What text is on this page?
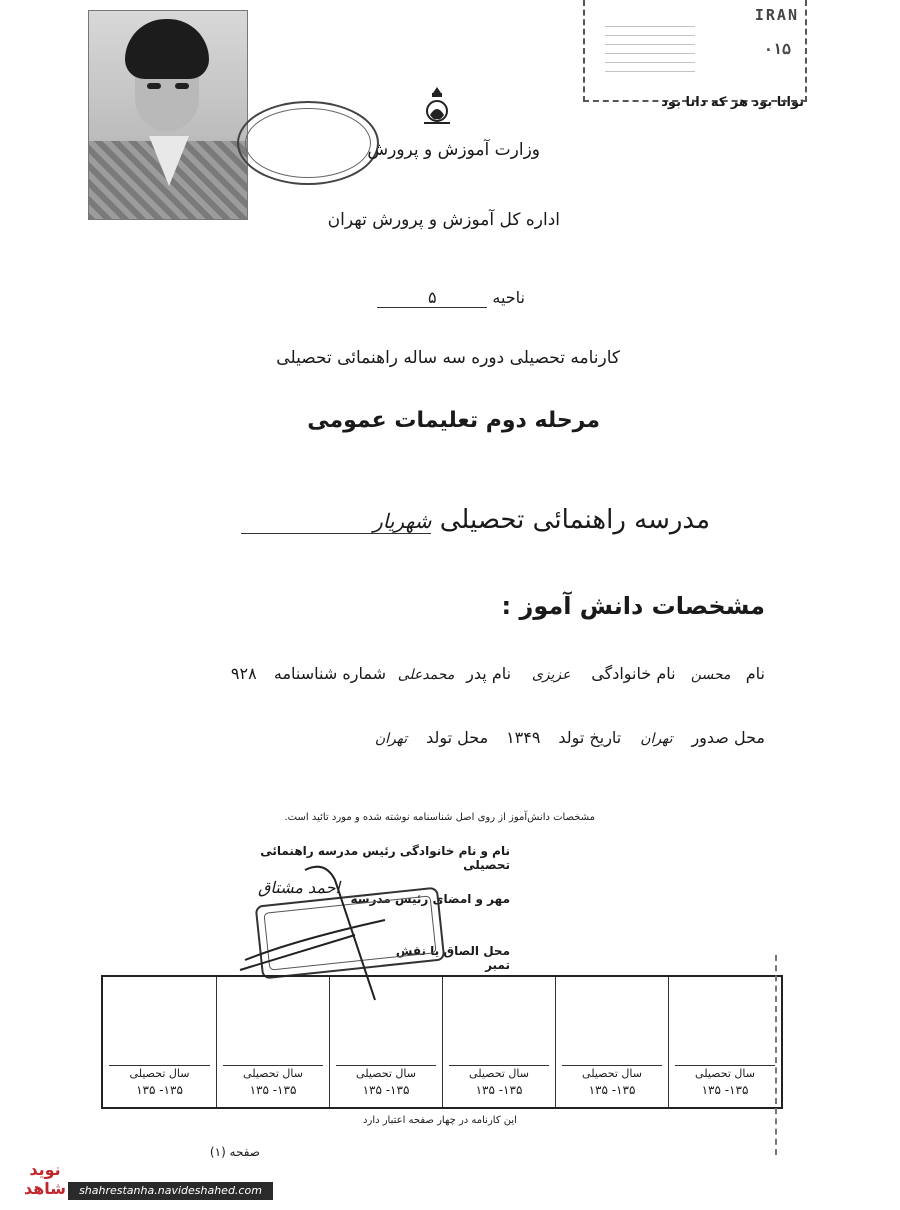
IRAN
۰۱۵
توانا بود هر که دانا بود
وزارت آموزش و پرورش
اداره کل آموزش و پرورش تهران
ناحیه ۵
کارنامه تحصیلی دوره سه ساله راهنمائی تحصیلی
مرحله دوم تعلیمات عمومی
مدرسه راهنمائی تحصیلی شهریار
مشخصات دانش آموز :
نام محسن نام خانوادگی عزیزی نام پدر محمدعلی شماره شناسنامه ۹۲۸
محل صدور تهران تاریخ تولد ۱۳۴۹ محل تولد تهران
مشخصات دانش‌آموز از روی اصل شناسنامه نوشته شده و مورد تائید است.
نام و نام خانوادگی رئیس مدرسه راهنمائی تحصیلی
احمد مشتاق
مهر و امضای رئیس مدرسه
محل الصاق یا نقش تمبر
سال تحصیلی
۱۳۵ -۱۳۵
سال تحصیلی
۱۳۵ -۱۳۵
سال تحصیلی
۱۳۵ -۱۳۵
سال تحصیلی
۱۳۵ -۱۳۵
سال تحصیلی
۱۳۵ -۱۳۵
سال تحصیلی
۱۳۵ -۱۳۵
این کارنامه در چهار صفحه اعتبار دارد
صفحه (۱)
نوید شاهد	shahrestanha.navideshahed.com
